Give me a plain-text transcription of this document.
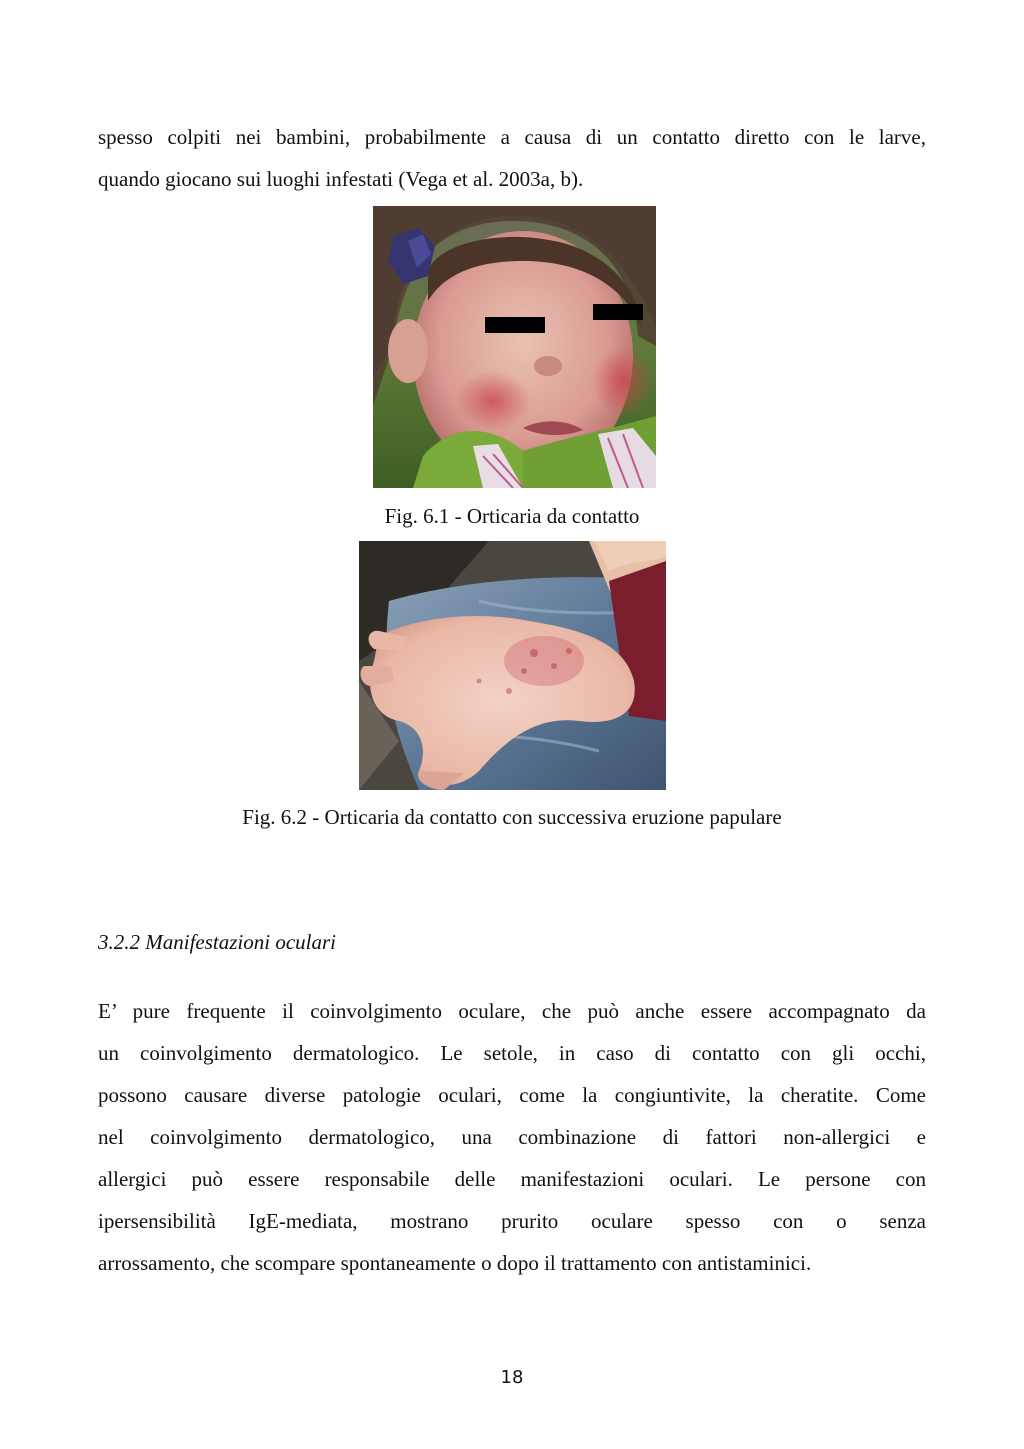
spesso colpiti nei bambini, probabilmente a causa di un contatto diretto con le larve,
quando giocano sui luoghi infestati (Vega et al. 2003a, b).

Fig. 6.1 - Orticaria da contatto

Fig. 6.2 - Orticaria da contatto con successiva eruzione papulare

3.2.2 Manifestazioni oculari

E’ pure frequente il coinvolgimento oculare, che può anche essere accompagnato da
un coinvolgimento dermatologico. Le setole, in caso di contatto con gli occhi,
possono causare diverse patologie oculari, come la congiuntivite, la cheratite. Come
nel coinvolgimento dermatologico, una combinazione di fattori non-allergici e
allergici può essere responsabile delle manifestazioni oculari. Le persone con
ipersensibilità IgE-mediata, mostrano prurito oculare spesso con o senza
arrossamento, che scompare spontaneamente o dopo il trattamento con antistaminici.
18
